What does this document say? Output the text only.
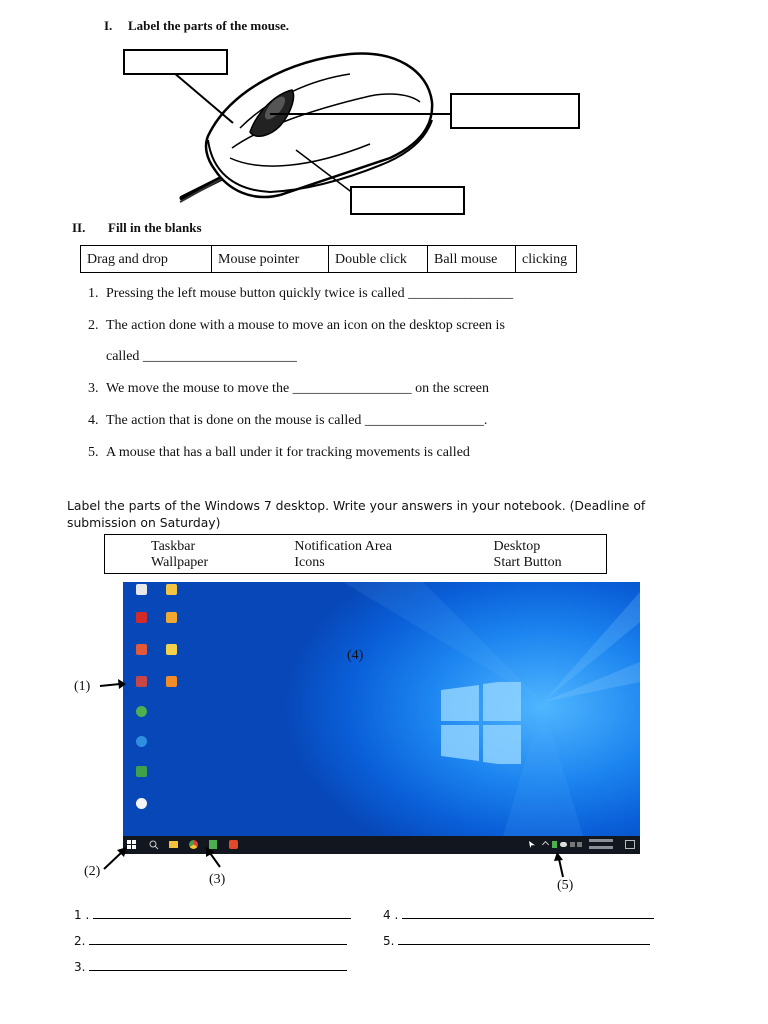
I. Label the parts of the mouse.
II. Fill in the blanks
Drag and drop	Mouse pointer	Double click	Ball mouse	clicking
1. Pressing the left mouse button quickly twice is called _______________
2. The action done with a mouse to move an icon on the desktop screen is
called ______________________
3. We move the mouse to move the _________________ on the screen
4. The action that is done on the mouse is called _________________.
5. A mouse that has a ball under it for tracking movements is called
Label the parts of the Windows 7 desktop. Write your answers in your notebook. (Deadline of submission on Saturday)
Taskbar	Notification Area	Desktop
Wallpaper	Icons	Start Button
(1)
(2)
(3)
(4)
(5)
1 .	4 .
2.	5.
3.
